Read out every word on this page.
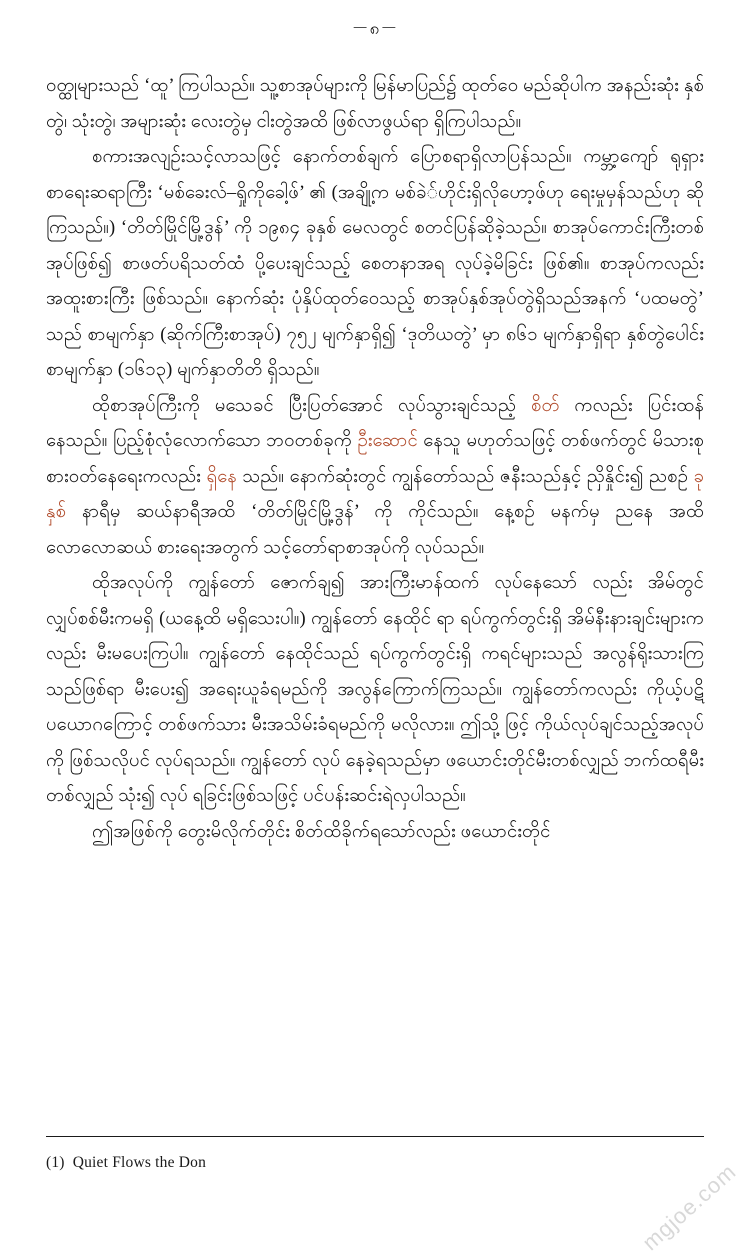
－၈－

ဝတ္ထုများသည် ‘ထူ’ ကြပါသည်။ သူ့စာအုပ်များကို မြန်မာပြည်၌ ထုတ်ဝေ မည်ဆိုပါက အနည်းဆုံး နှစ်တွဲ၊ သုံးတွဲ၊ အများဆုံး လေးတွဲမှ ငါးတွဲအထိ ဖြစ်လာဖွယ်ရာ ရှိကြပါသည်။

စကားအလျဉ်းသင့်လာသဖြင့် နောက်တစ်ချက် ပြောစရာရှိလာပြန်သည်။ ကမ္ဘာ့ကျော် ရုရှား စာရေးဆရာကြီး ‘မစ်ခေးလ်–ရှိုကိုခေါ့ဖ်’ ၏ (အချို့က မစ်ခဲ်ဟိုင်းရှိလိုဟော့ဖ်ဟု ရေးမှုမှန်သည်ဟု ဆိုကြသည်။) ‘တိတ်မြိုင်မြို့ဒွန်’ ကို ၁၉၈၄ ခုနှစ် မေလတွင် စတင်ပြန်ဆိုခဲ့သည်။ စာအုပ်ကောင်းကြီးတစ်အုပ်ဖြစ်၍ စာဖတ်ပရိသတ်ထံ ပို့ပေးချင်သည့် စေတနာအရ လုပ်ခဲ့မိခြင်း ဖြစ်၏။ စာအုပ်ကလည်း အထူးစားကြီး ဖြစ်သည်။ နောက်ဆုံး ပုံနှိပ်ထုတ်ဝေသည့် စာအုပ်နှစ်အုပ်တွဲရှိသည်အနက် ‘ပထမတွဲ’ သည် စာမျက်နှာ (ဆိုက်ကြီးစာအုပ်) ၇၅၂ မျက်နှာရှိ၍ ‘ဒုတိယတွဲ’ မှာ ၈၆၁ မျက်နှာရှိရာ နှစ်တွဲပေါင်း စာမျက်နှာ (၁၆၁၃) မျက်နှာတိတိ ရှိသည်။

ထိုစာအုပ်ကြီးကို မသေခင် ပြီးပြတ်အောင် လုပ်သွားချင်သည့် စိတ် ကလည်း ပြင်းထန်နေသည်။ ပြည့်စုံလုံလောက်သော ဘဝတစ်ခုကို ဦးဆောင် နေသူ မဟုတ်သဖြင့် တစ်ဖက်တွင် မိသားစု စားဝတ်နေရေးကလည်း ရှိနေ သည်။ နောက်ဆုံးတွင် ကျွန်တော်သည် ဇနီးသည်နှင့် ညှိနှိုင်း၍ ညစဉ် ခုနှစ် နာရီမှ ဆယ်နာရီအထိ ‘တိတ်မြိုင်မြို့ဒွန်’ ကို ကိုင်သည်။ နေ့စဉ် မနက်မှ ညနေ အထိ လောလောဆယ် စားရေးအတွက် သင့်တော်ရာစာအုပ်ကို လုပ်သည်။

ထိုအလုပ်ကို ကျွန်တော် ဇောက်ချ၍ အားကြီးမာန်ထက် လုပ်နေသော် လည်း အိမ်တွင် လျှပ်စစ်မီးကမရှိ (ယနေ့ထိ မရှိသေးပါ။) ကျွန်တော် နေထိုင် ရာ ရပ်ကွက်တွင်းရှိ အိမ်နီးနားချင်းများကလည်း မီးမပေးကြပါ။ ကျွန်တော် နေထိုင်သည် ရပ်ကွက်တွင်းရှိ ကရင်များသည် အလွန်ရိုးသားကြသည်ဖြစ်ရာ မီးပေး၍ အရေးယူခံရမည်ကို အလွန်ကြောက်ကြသည်။ ကျွန်တော်ကလည်း ကိုယ့်ပဋိပယောဂကြောင့် တစ်ဖက်သား မီးအသိမ်းခံရမည်ကို မလိုလား။ ဤသို့ ဖြင့် ကိုယ်လုပ်ချင်သည့်အလုပ်ကို ဖြစ်သလိုပင် လုပ်ရသည်။ ကျွန်တော် လုပ် နေခဲ့ရသည်မှာ ဖယောင်းတိုင်မီးတစ်လျှည် ဘက်ထရီမီးတစ်လျှည် သုံး၍ လုပ် ရခြင်းဖြစ်သဖြင့် ပင်ပန်းဆင်းရဲလှပါသည်။

ဤအဖြစ်ကို တွေးမိလိုက်တိုင်း စိတ်ထိခိုက်ရသော်လည်း ဖယောင်းတိုင်

(1) Quiet Flows the Don	mgjoe.com
